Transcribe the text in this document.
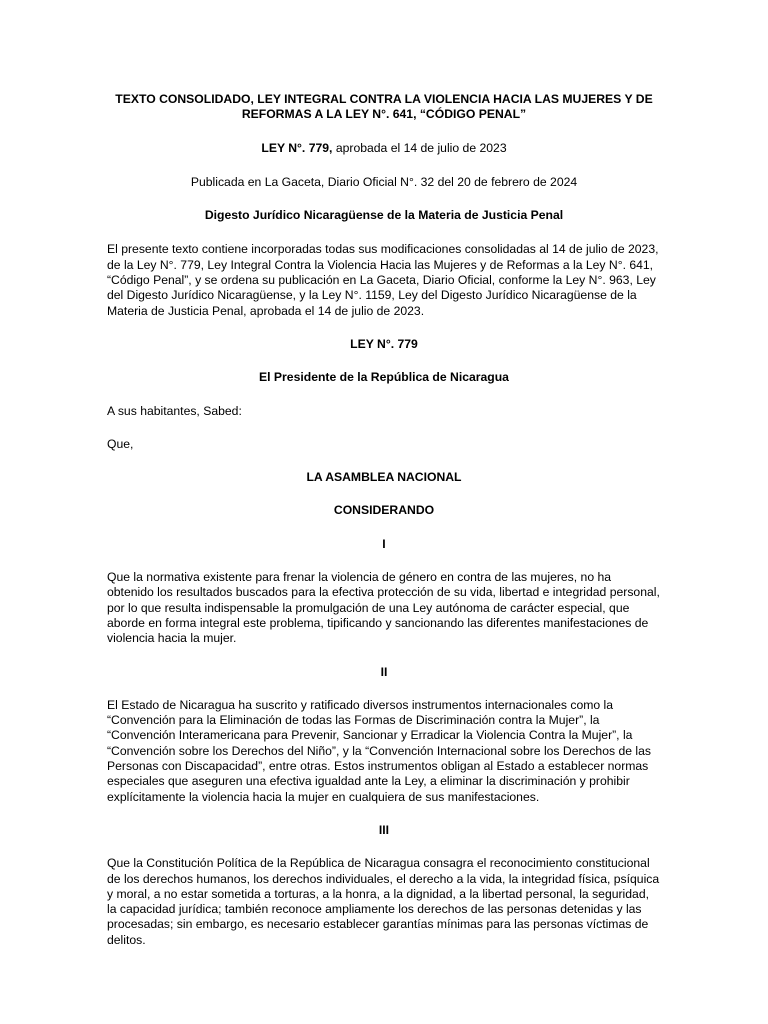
TEXTO CONSOLIDADO, LEY INTEGRAL CONTRA LA VIOLENCIA HACIA LAS MUJERES Y DE REFORMAS A LA LEY N°. 641, “CÓDIGO PENAL”

LEY N°. 779, aprobada el 14 de julio de 2023

Publicada en La Gaceta, Diario Oficial N°. 32 del 20 de febrero de 2024

Digesto Jurídico Nicaragüense de la Materia de Justicia Penal

El presente texto contiene incorporadas todas sus modificaciones consolidadas al 14 de julio de 2023, de la Ley N°. 779, Ley Integral Contra la Violencia Hacia las Mujeres y de Reformas a la Ley N°. 641, “Código Penal”, y se ordena su publicación en La Gaceta, Diario Oficial, conforme la Ley N°. 963, Ley del Digesto Jurídico Nicaragüense, y la Ley N°. 1159, Ley del Digesto Jurídico Nicaragüense de la Materia de Justicia Penal, aprobada el 14 de julio de 2023.

LEY N°. 779

El Presidente de la República de Nicaragua

A sus habitantes, Sabed:

Que,

LA ASAMBLEA NACIONAL

CONSIDERANDO

I

Que la normativa existente para frenar la violencia de género en contra de las mujeres, no ha obtenido los resultados buscados para la efectiva protección de su vida, libertad e integridad personal, por lo que resulta indispensable la promulgación de una Ley autónoma de carácter especial, que aborde en forma integral este problema, tipificando y sancionando las diferentes manifestaciones de violencia hacia la mujer.

II

El Estado de Nicaragua ha suscrito y ratificado diversos instrumentos internacionales como la “Convención para la Eliminación de todas las Formas de Discriminación contra la Mujer”, la “Convención Interamericana para Prevenir, Sancionar y Erradicar la Violencia Contra la Mujer”, la “Convención sobre los Derechos del Niño”, y la “Convención Internacional sobre los Derechos de las Personas con Discapacidad”, entre otras. Estos instrumentos obligan al Estado a establecer normas especiales que aseguren una efectiva igualdad ante la Ley, a eliminar la discriminación y prohibir explícitamente la violencia hacia la mujer en cualquiera de sus manifestaciones.

III

Que la Constitución Política de la República de Nicaragua consagra el reconocimiento constitucional de los derechos humanos, los derechos individuales, el derecho a la vida, la integridad física, psíquica y moral, a no estar sometida a torturas, a la honra, a la dignidad, a la libertad personal, la seguridad, la capacidad jurídica; también reconoce ampliamente los derechos de las personas detenidas y las procesadas; sin embargo, es necesario establecer garantías mínimas para las personas víctimas de delitos.
